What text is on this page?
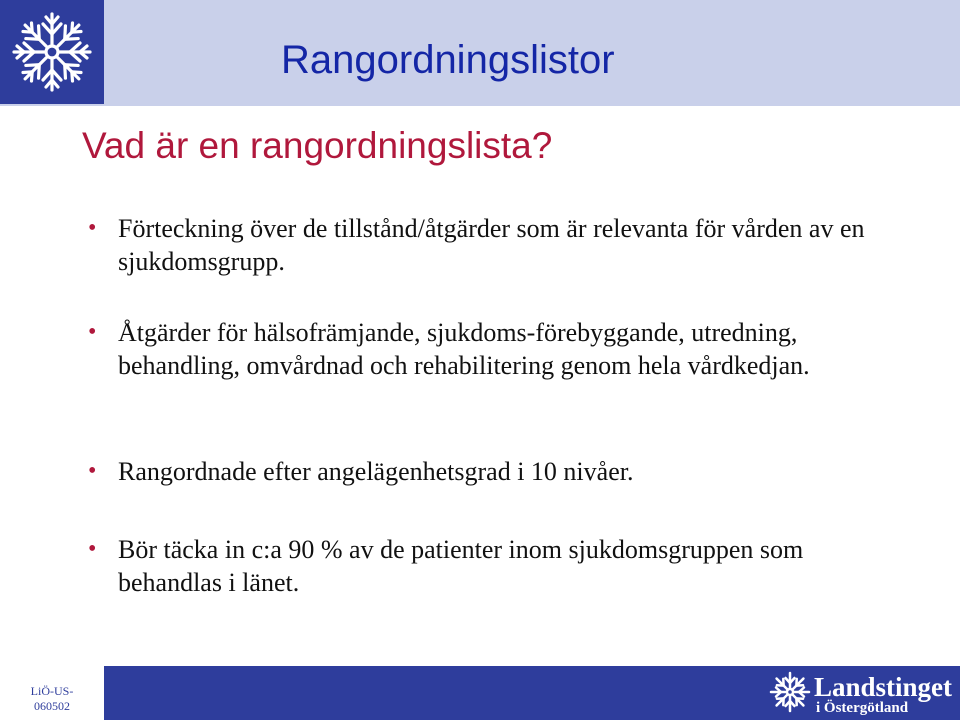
Rangordningslistor
Vad är en rangordningslista?
• Förteckning över de tillstånd/åtgärder som är relevanta för vården av en sjukdomsgrupp.
• Åtgärder för hälsofrämjande, sjukdoms-förebyggande, utredning, behandling, omvårdnad och rehabilitering genom hela vårdkedjan.
• Rangordnade efter angelägenhetsgrad i 10 nivåer.
• Bör täcka in c:a 90 % av de patienter inom sjukdomsgruppen som behandlas i länet.
LiÖ-US-
060502
Landstinget
i Östergötland
